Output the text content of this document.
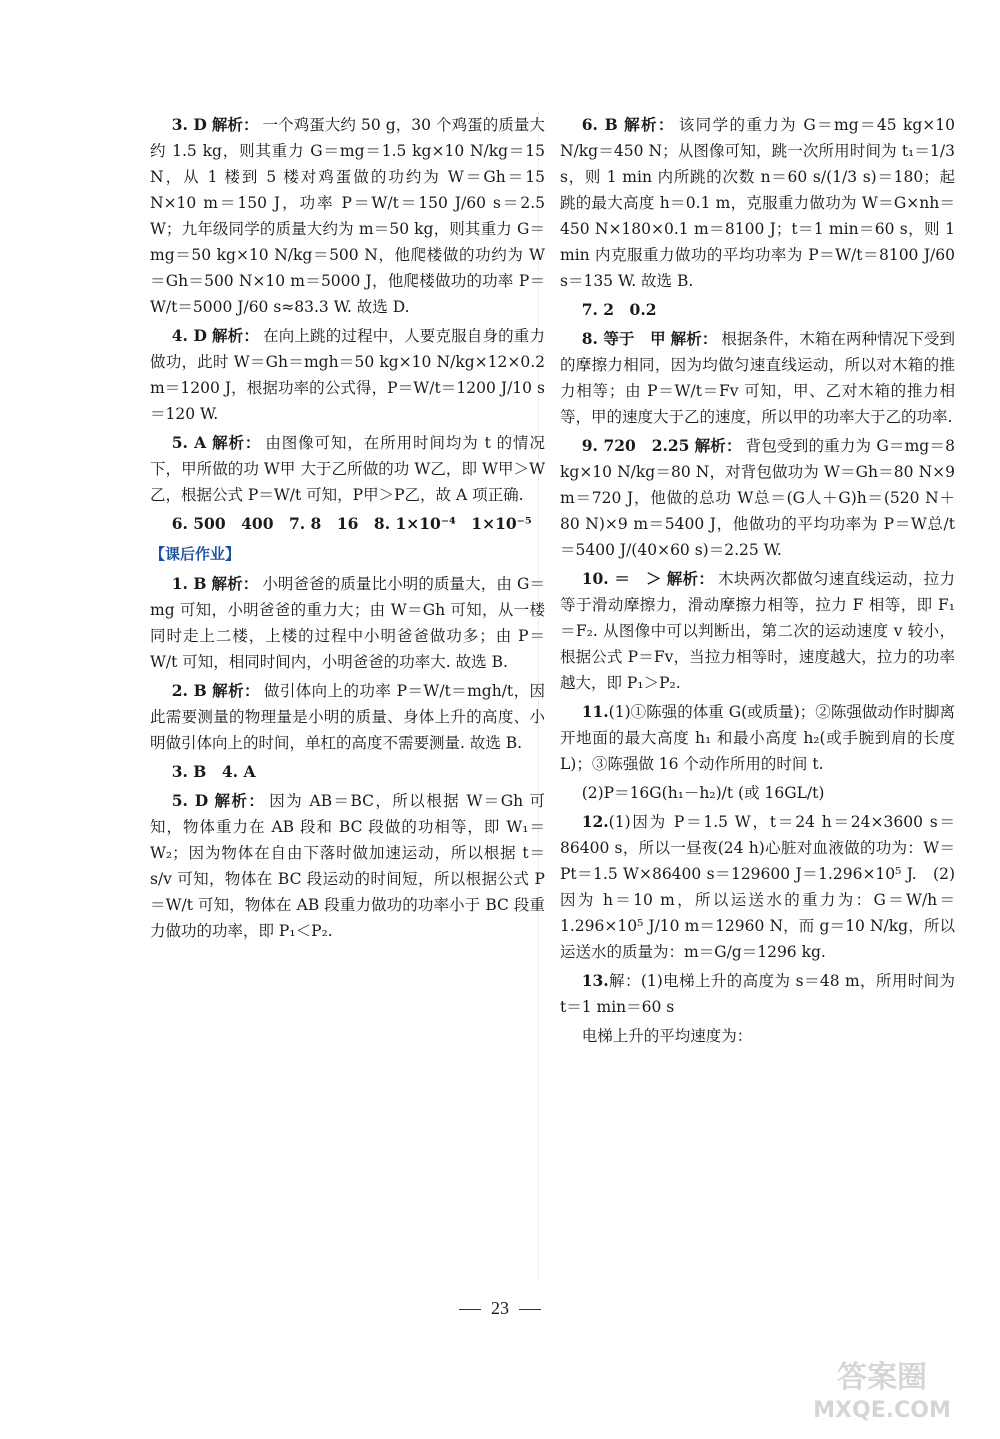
3. D 解析： 一个鸡蛋大约 50 g，30 个鸡蛋的质量大约 1.5 kg，则其重力 G＝mg＝1.5 kg×10 N/kg＝15 N，从 1 楼到 5 楼对鸡蛋做的功约为 W＝Gh＝15 N×10 m＝150 J，功率 P＝W/t＝150 J/60 s＝2.5 W；九年级同学的质量大约为 m＝50 kg，则其重力 G＝mg＝50 kg×10 N/kg＝500 N，他爬楼做的功约为 W＝Gh＝500 N×10 m＝5000 J，他爬楼做功的功率 P＝W/t＝5000 J/60 s≈83.3 W. 故选 D.

4. D 解析： 在向上跳的过程中，人要克服自身的重力做功，此时 W＝Gh＝mgh＝50 kg×10 N/kg×12×0.2 m＝1200 J，根据功率的公式得，P＝W/t＝1200 J/10 s＝120 W.

5. A 解析： 由图像可知，在所用时间均为 t 的情况下，甲所做的功 W甲 大于乙所做的功 W乙，即 W甲＞W乙，根据公式 P＝W/t 可知，P甲＞P乙，故 A 项正确.

6. 500　400　7. 8　16　8. 1×10⁻⁴　1×10⁻⁵

【课后作业】

1. B 解析： 小明爸爸的质量比小明的质量大，由 G＝mg 可知，小明爸爸的重力大；由 W＝Gh 可知，从一楼同时走上二楼，上楼的过程中小明爸爸做功多；由 P＝W/t 可知，相同时间内，小明爸爸的功率大. 故选 B.

2. B 解析： 做引体向上的功率 P＝W/t＝mgh/t，因此需要测量的物理量是小明的质量、身体上升的高度、小明做引体向上的时间，单杠的高度不需要测量. 故选 B.

3. B　4. A

5. D 解析： 因为 AB＝BC，所以根据 W＝Gh 可知，物体重力在 AB 段和 BC 段做的功相等，即 W₁＝W₂；因为物体在自由下落时做加速运动，所以根据 t＝s/v 可知，物体在 BC 段运动的时间短，所以根据公式 P＝W/t 可知，物体在 AB 段重力做功的功率小于 BC 段重力做功的功率，即 P₁＜P₂.

6. B 解析： 该同学的重力为 G＝mg＝45 kg×10 N/kg＝450 N；从图像可知，跳一次所用时间为 t₁＝1/3 s，则 1 min 内所跳的次数 n＝60 s/(1/3 s)＝180；起跳的最大高度 h＝0.1 m，克服重力做功为 W＝G×nh＝450 N×180×0.1 m＝8100 J；t＝1 min＝60 s，则 1 min 内克服重力做功的平均功率为 P＝W/t＝8100 J/60 s＝135 W. 故选 B.

7. 2　0.2

8. 等于　甲 解析： 根据条件，木箱在两种情况下受到的摩擦力相同，因为均做匀速直线运动，所以对木箱的推力相等；由 P＝W/t＝Fv 可知，甲、乙对木箱的推力相等，甲的速度大于乙的速度，所以甲的功率大于乙的功率.

9. 720　2.25 解析： 背包受到的重力为 G＝mg＝8 kg×10 N/kg＝80 N，对背包做功为 W＝Gh＝80 N×9 m＝720 J，他做的总功 W总＝(G人＋G)h＝(520 N＋80 N)×9 m＝5400 J，他做功的平均功率为 P＝W总/t＝5400 J/(40×60 s)＝2.25 W.

10. ＝　＞ 解析： 木块两次都做匀速直线运动，拉力等于滑动摩擦力，滑动摩擦力相等，拉力 F 相等，即 F₁＝F₂. 从图像中可以判断出，第二次的运动速度 v 较小，根据公式 P＝Fv，当拉力相等时，速度越大，拉力的功率越大，即 P₁＞P₂.

11.(1)①陈强的体重 G(或质量)；②陈强做动作时脚离开地面的最大高度 h₁ 和最小高度 h₂(或手腕到肩的长度 L)；③陈强做 16 个动作所用的时间 t.

(2)P＝16G(h₁－h₂)/t (或 16GL/t)

12.(1)因为 P＝1.5 W，t＝24 h＝24×3600 s＝86400 s，所以一昼夜(24 h)心脏对血液做的功为：W＝Pt＝1.5 W×86400 s＝129600 J＝1.296×10⁵ J.　(2)因为 h＝10 m，所以运送水的重力为：G＝W/h＝1.296×10⁵ J/10 m＝12960 N，而 g＝10 N/kg，所以运送水的质量为：m＝G/g＝1296 kg.

13.解：(1)电梯上升的高度为 s＝48 m，所用时间为 t＝1 min＝60 s

电梯上升的平均速度为：

23
答案圈
MXQE.COM
